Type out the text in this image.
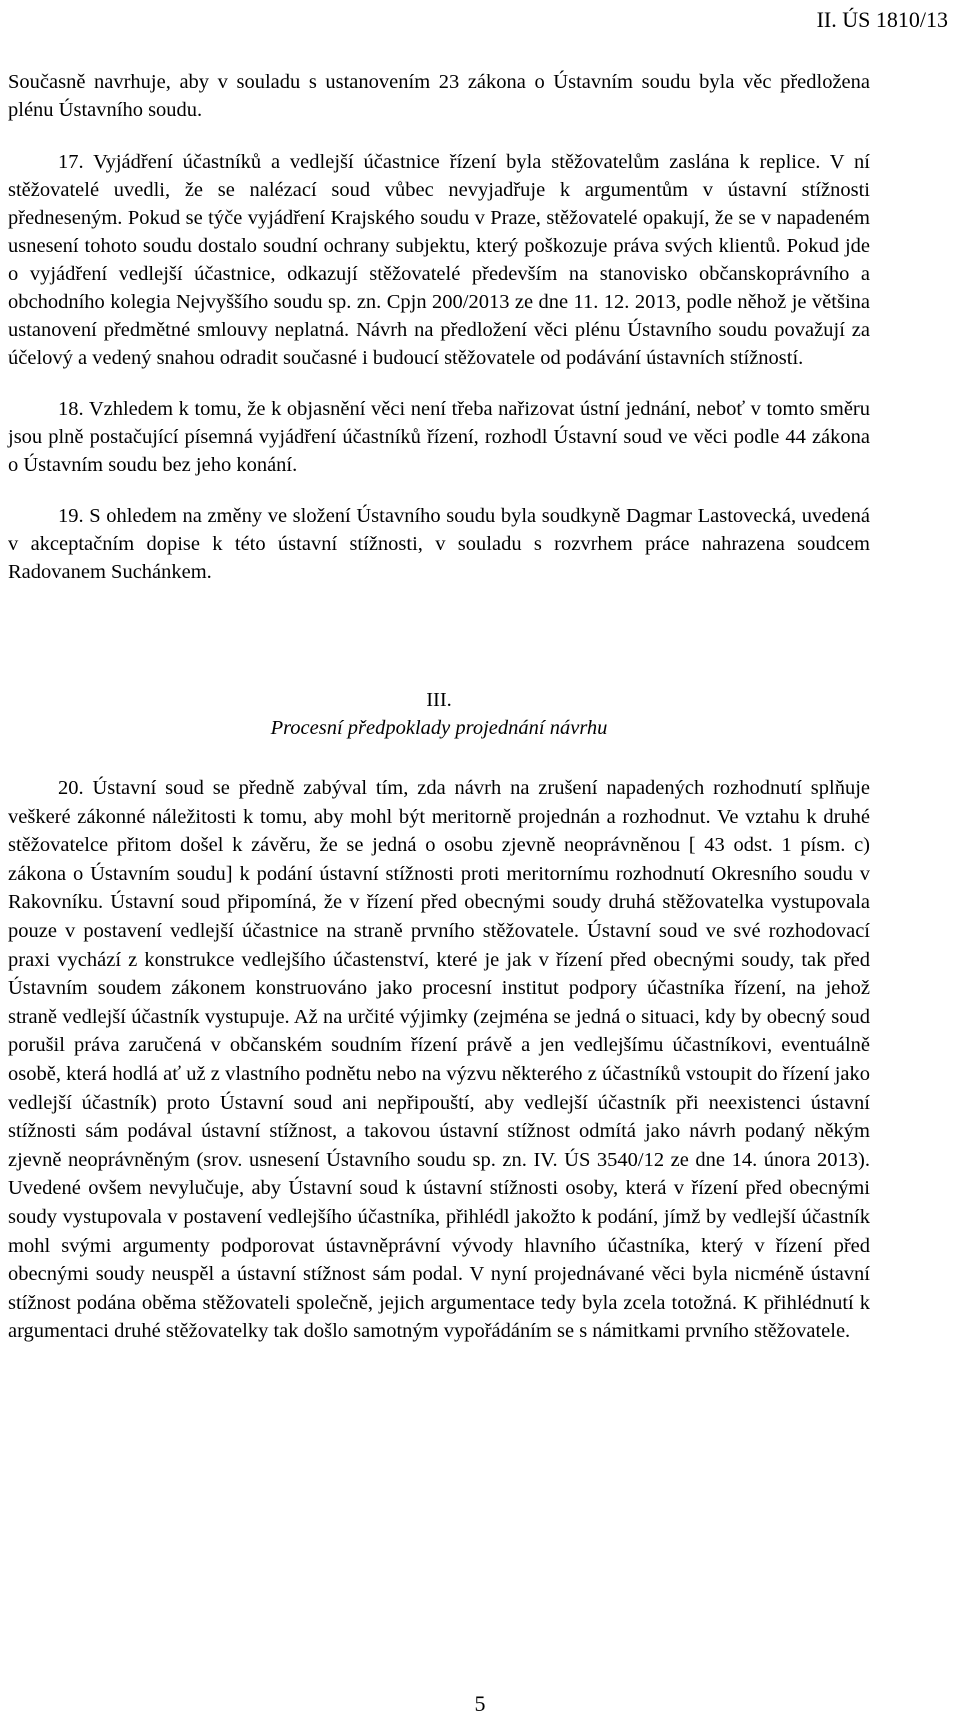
II. ÚS 1810/13

Současně navrhuje, aby v souladu s ustanovením 23 zákona o Ústavním soudu byla věc předložena plénu Ústavního soudu.

17. Vyjádření účastníků a vedlejší účastnice řízení byla stěžovatelům zaslána k replice. V ní stěžovatelé uvedli, že se nalézací soud vůbec nevyjadřuje k argumentům v ústavní stížnosti předneseným. Pokud se týče vyjádření Krajského soudu v Praze, stěžovatelé opakují, že se v napadeném usnesení tohoto soudu dostalo soudní ochrany subjektu, který poškozuje práva svých klientů. Pokud jde o vyjádření vedlejší účastnice, odkazují stěžovatelé především na stanovisko občanskoprávního a obchodního kolegia Nejvyššího soudu sp. zn. Cpjn 200/2013 ze dne 11. 12. 2013, podle něhož je většina ustanovení předmětné smlouvy neplatná. Návrh na předložení věci plénu Ústavního soudu považují za účelový a vedený snahou odradit současné i budoucí stěžovatele od podávání ústavních stížností.

18. Vzhledem k tomu, že k objasnění věci není třeba nařizovat ústní jednání, neboť v tomto směru jsou plně postačující písemná vyjádření účastníků řízení, rozhodl Ústavní soud ve věci podle 44 zákona o Ústavním soudu bez jeho konání.

19. S ohledem na změny ve složení Ústavního soudu byla soudkyně Dagmar Lastovecká, uvedená v akceptačním dopise k této ústavní stížnosti, v souladu s rozvrhem práce nahrazena soudcem Radovanem Suchánkem.

III.
Procesní předpoklady projednání návrhu

20. Ústavní soud se předně zabýval tím, zda návrh na zrušení napadených rozhodnutí splňuje veškeré zákonné náležitosti k tomu, aby mohl být meritorně projednán a rozhodnut. Ve vztahu k druhé stěžovatelce přitom došel k závěru, že se jedná o osobu zjevně neoprávněnou [ 43 odst. 1 písm. c) zákona o Ústavním soudu] k podání ústavní stížnosti proti meritornímu rozhodnutí Okresního soudu v Rakovníku. Ústavní soud připomíná, že v řízení před obecnými soudy druhá stěžovatelka vystupovala pouze v postavení vedlejší účastnice na straně prvního stěžovatele. Ústavní soud ve své rozhodovací praxi vychází z konstrukce vedlejšího účastenství, které je jak v řízení před obecnými soudy, tak před Ústavním soudem zákonem konstruováno jako procesní institut podpory účastníka řízení, na jehož straně vedlejší účastník vystupuje. Až na určité výjimky (zejména se jedná o situaci, kdy by obecný soud porušil práva zaručená v občanském soudním řízení právě a jen vedlejšímu účastníkovi, eventuálně osobě, která hodlá ať už z vlastního podnětu nebo na výzvu některého z účastníků vstoupit do řízení jako vedlejší účastník) proto Ústavní soud ani nepřipouští, aby vedlejší účastník při neexistenci ústavní stížnosti sám podával ústavní stížnost, a takovou ústavní stížnost odmítá jako návrh podaný někým zjevně neoprávněným (srov. usnesení Ústavního soudu sp. zn. IV. ÚS 3540/12 ze dne 14. února 2013). Uvedené ovšem nevylučuje, aby Ústavní soud k ústavní stížnosti osoby, která v řízení před obecnými soudy vystupovala v postavení vedlejšího účastníka, přihlédl jakožto k podání, jímž by vedlejší účastník mohl svými argumenty podporovat ústavněprávní vývody hlavního účastníka, který v řízení před obecnými soudy neuspěl a ústavní stížnost sám podal. V nyní projednávané věci byla nicméně ústavní stížnost podána oběma stěžovateli společně, jejich argumentace tedy byla zcela totožná. K přihlédnutí k argumentaci druhé stěžovatelky tak došlo samotným vypořádáním se s námitkami prvního stěžovatele.

5
